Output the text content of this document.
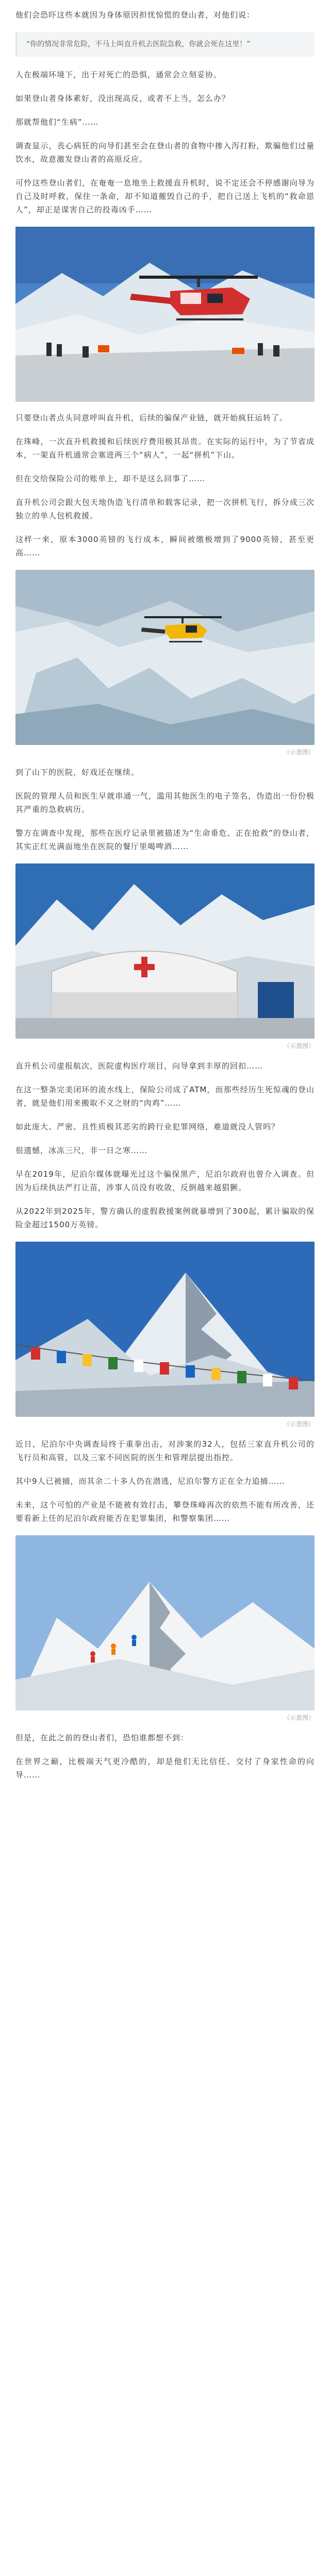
他们会恐吓这些本就因为身体原因担忧惊慌的登山者，对他们说：

“你的情况非常危险，不马上叫直升机去医院急救，你就会死在这里！”

人在极端环境下，出于对死亡的恐惧，通常会立刻妥协。

如果登山者身体素好，没出现高反，或者不上当，怎么办？

那就帮他们“生病”……

调查显示，丧心病狂的向导们甚至会在登山者的食物中掺入泻打粉，欺骗他们过量饮水，故意激发登山者的高原反应。

可怜这些登山者们，在奄奄一息地坐上救援直升机时，说不定还会不停感谢向导为自己及时呼救，保住一条命，却不知道摧毁自己的手，把自己送上飞机的“救命恩人”，却正是谋害自己的投毒凶手……

只要登山者点头同意呼叫直升机，后续的骗保产业链，就开始疯狂运转了。

在珠峰，一次直升机救援和后续医疗费用极其昂贵。在实际的运行中，为了节省成本，一架直升机通常会塞进两三个“病人”，一起“拼机”下山。

但在交给保险公司的账单上，却不是这么回事了……

直升机公司会跟大包天地伪造飞行清单和载客记录，把一次拼机飞行，拆分成三次独立的单人包机救援。

这样一来，原本3000英镑的飞行成本，瞬间被缴极增到了9000英镑，甚至更高……

（示意图）

到了山下的医院，好戏还在继续。

医院的管理人员和医生早就串通一气，滥用其他医生的电子签名，伪造出一份份极其严重的急救病历。

警方在调查中发现，那些在医疗记录里被描述为“生命垂危、正在抢救”的登山者，其实正红光满面地坐在医院的餐厅里喝啤酒……

（示意图）

直升机公司虚报航次，医院虚构医疗项目，向导拿到丰厚的回扣……

在这一整条完美闭环的流水线上，保险公司成了ATM，而那些经历生死惊魂的登山者，就是他们用来搬取不义之财的“肉鸡”……

如此庞大、严密、且性质极其恶劣的跨行业犯罪网络，难道就没人管吗？

很遗憾，冰冻三尺，非一日之寒……

早在2019年，尼泊尔媒体就曝光过这个骗保黑产，尼泊尔政府也曾介入调查。但因为后续执法严打让苗，涉事人员没有收敛，反倒越来越猖獗。

从2022年到2025年，警方确认的虚假救援案例就暴增到了300起，累计骗取的保险金超过1500万英镑。

（示意图）

近日，尼泊尔中央调查局终于重拳出击，对涉案的32人，包括三家直升机公司的飞行员和高管，以及三家不同医院的医生和管理层提出指控。

其中9人已被捕，而其余二十多人仍在潜逃，尼泊尔警方正在全力追捕……

未来，这个可怕的产业是不能被有效打击，攀登珠峰再次的依然不能有所改善，还要看新上任的尼泊尔政府能否在犯罪集团，和警察集团……

（示意图）

但是，在此之前的登山者们，恐怕谁都想不到：

在世界之巅，比极端天气更冷酷的，却是他们无比信任、交付了身家性命的向导……
